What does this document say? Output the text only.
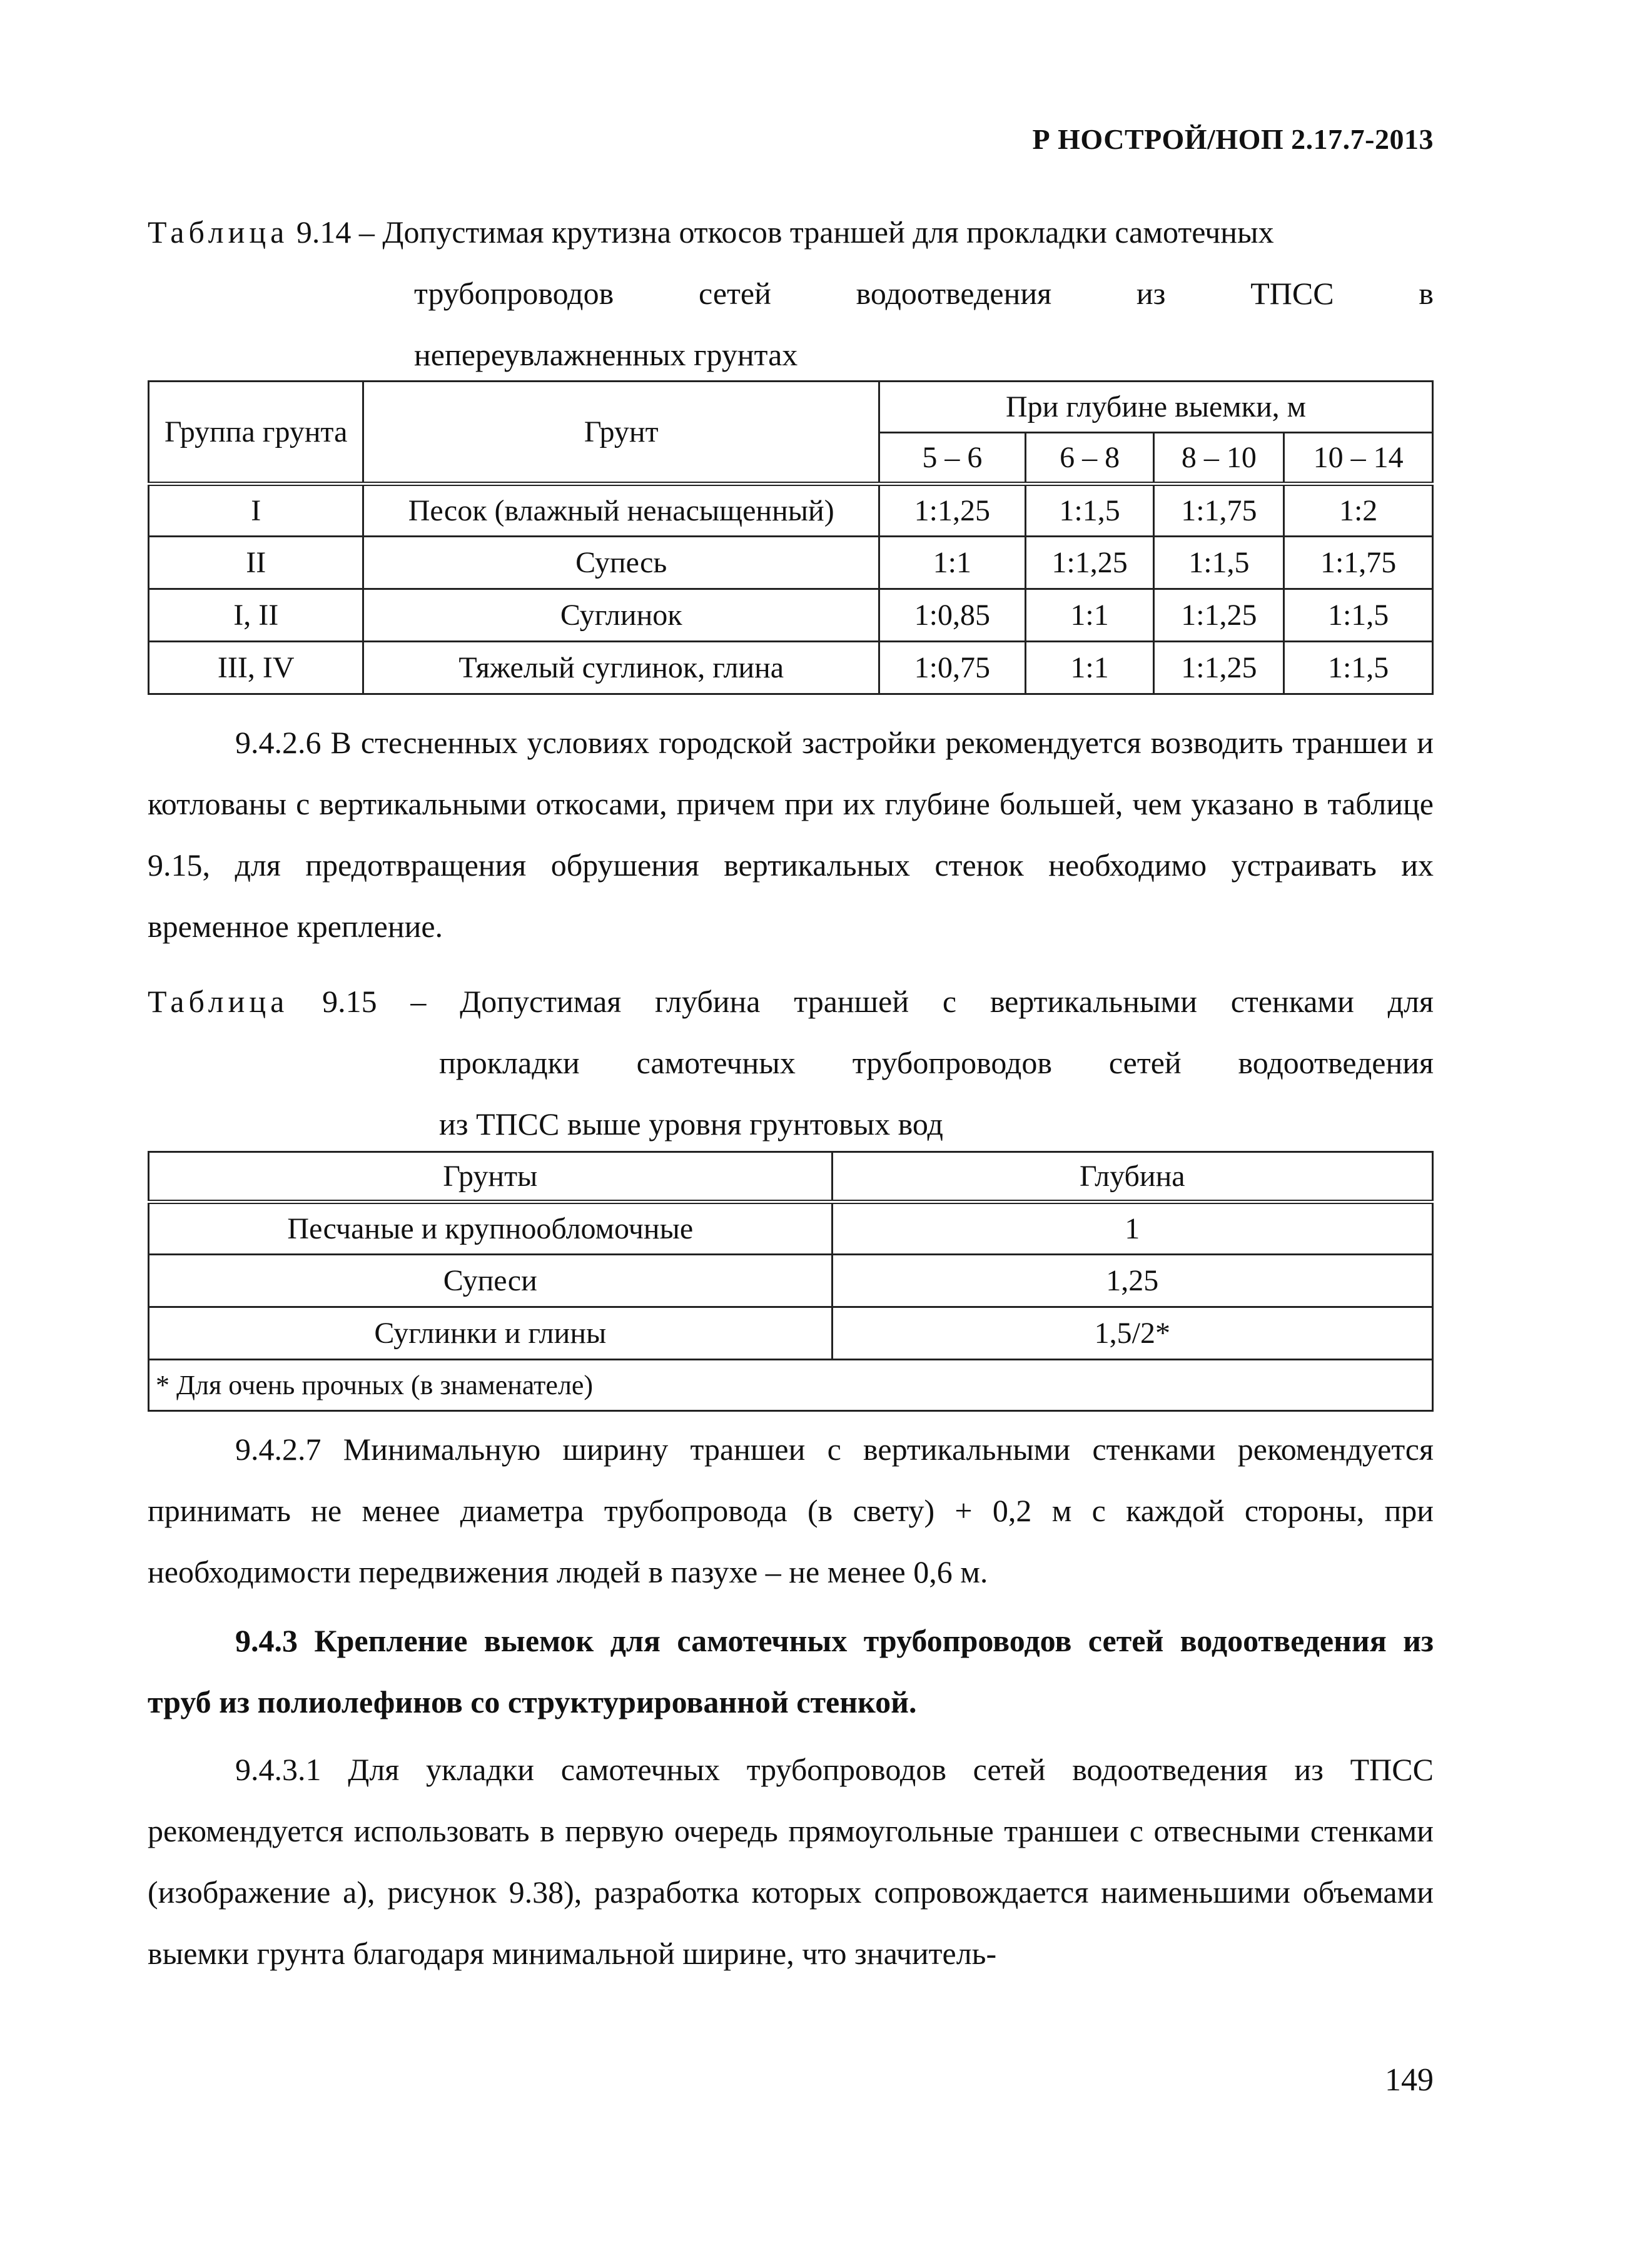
Р НОСТРОЙ/НОП 2.17.7-2013
Таблица 9.14 – Допустимая крутизна откосов траншей для прокладки самотечных
трубопроводов сетей водоотведения из ТПСС в
непереувлажненных грунтах
Группа грунта	Грунт	При глубине выемки, м			
		5 – 6	6 – 8	8 – 10	10 – 14
I	Песок (влажный ненасыщенный)	1:1,25	1:1,5	1:1,75	1:2
II	Супесь	1:1	1:1,25	1:1,5	1:1,75
I, II	Суглинок	1:0,85	1:1	1:1,25	1:1,5
III, IV	Тяжелый суглинок, глина	1:0,75	1:1	1:1,25	1:1,5

9.4.2.6 В стесненных условиях городской застройки рекомендуется возводить траншеи и котлованы с вертикальными откосами, причем при их глубине большей, чем указано в таблице 9.15, для предотвращения обрушения вертикальных стенок необходимо устраивать их временное крепление.

Таблица 9.15 – Допустимая глубина траншей с вертикальными стенками для
прокладки самотечных трубопроводов сетей водоотведения
из ТПСС выше уровня грунтовых вод
Грунты	Глубина
Песчаные и крупнообломочные	1
Супеси	1,25
Суглинки и глины	1,5/2*
* Для очень прочных (в знаменателе)	

9.4.2.7 Минимальную ширину траншеи с вертикальными стенками рекомендуется принимать не менее диаметра трубопровода (в свету) + 0,2 м с каждой стороны, при необходимости передвижения людей в пазухе – не менее 0,6 м.

9.4.3 Крепление выемок для самотечных трубопроводов сетей водоотведения из труб из полиолефинов со структурированной стенкой.

9.4.3.1 Для укладки самотечных трубопроводов сетей водоотведения из ТПСС рекомендуется использовать в первую очередь прямоугольные траншеи с отвесными стенками (изображение а), рисунок 9.38), разработка которых сопровождается наименьшими объемами выемки грунта благодаря минимальной ширине, что значитель-

149
